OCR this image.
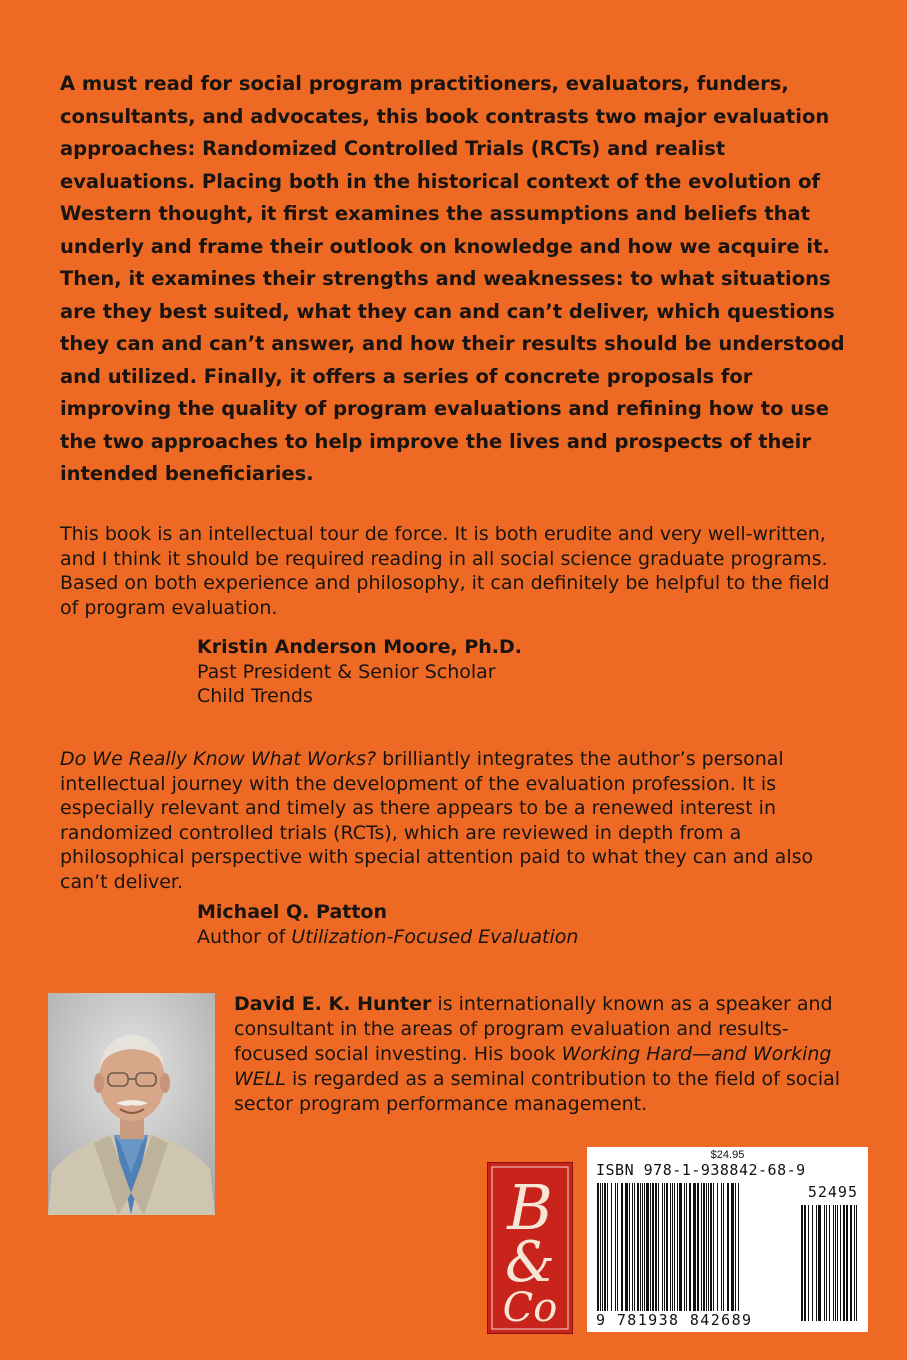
A must read for social program practitioners, evaluators, funders, consultants, and advocates, this book contrasts two major evaluation approaches: Randomized Controlled Trials (RCTs) and realist evaluations. Placing both in the historical context of the evolution of Western thought, it first examines the assumptions and beliefs that underly and frame their outlook on knowledge and how we acquire it. Then, it examines their strengths and weaknesses: to what situations are they best suited, what they can and can’t deliver, which questions they can and can’t answer, and how their results should be understood and utilized. Finally, it offers a series of concrete proposals for improving the quality of program evaluations and refining how to use the two approaches to help improve the lives and prospects of their intended beneficiaries.

This book is an intellectual tour de force. It is both erudite and very well-written, and I think it should be required reading in all social science graduate programs. Based on both experience and philosophy, it can definitely be helpful to the field of program evaluation.

Kristin Anderson Moore, Ph.D.
Past President & Senior Scholar
Child Trends

Do We Really Know What Works? brilliantly integrates the author’s personal intellectual journey with the development of the evaluation profession. It is especially relevant and timely as there appears to be a renewed interest in randomized controlled trials (RCTs), which are reviewed in depth from a philosophical perspective with special attention paid to what they can and also can’t deliver.

Michael Q. Patton
Author of Utilization-Focused Evaluation

David E. K. Hunter is internationally known as a speaker and consultant in the areas of program evaluation and results-focused social investing. His book Working Hard—and Working WELL is regarded as a seminal contribution to the field of social sector program performance management.

B
&
Co
$24.95
ISBN 978-1-938842-68-9
52495
9 781938 842689
